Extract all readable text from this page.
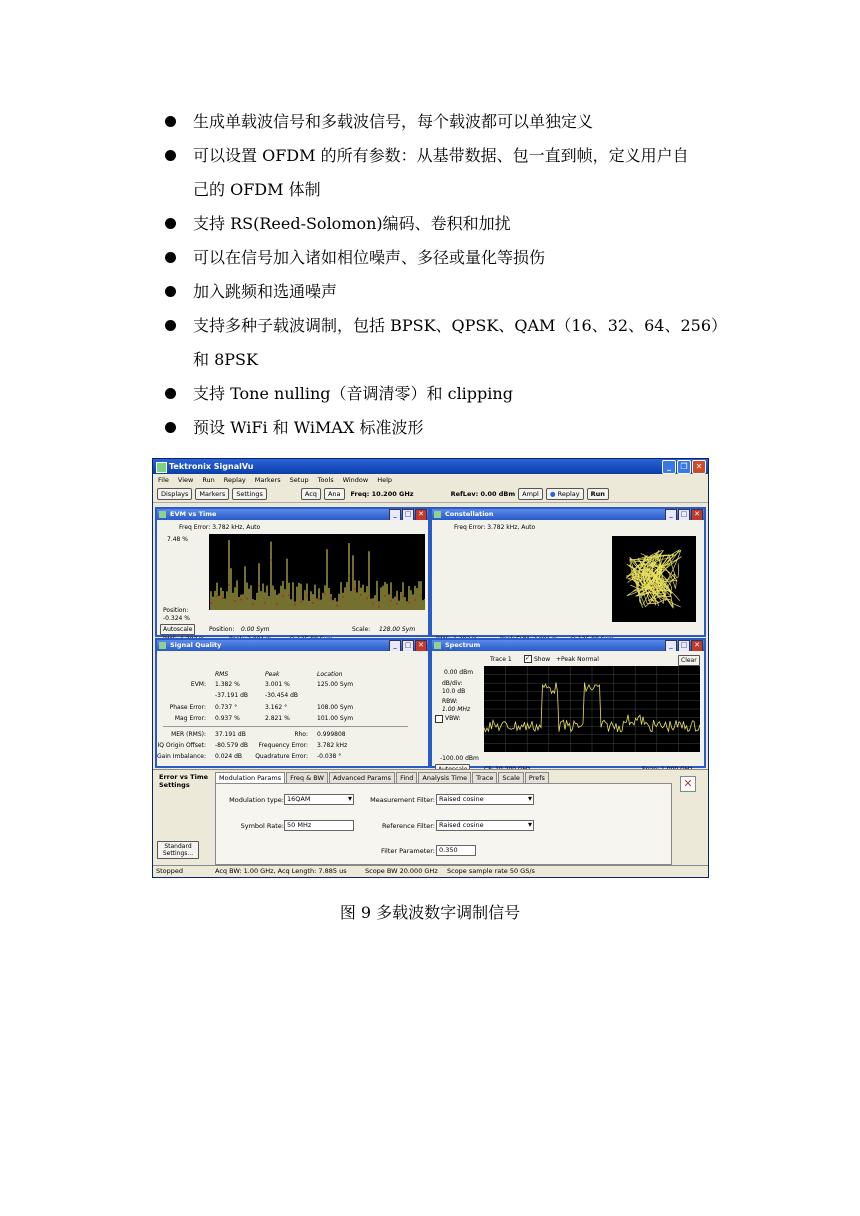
生成单载波信号和多载波信号，每个载波都可以单独定义
可以设置 OFDM 的所有参数：从基带数据、包一直到帧，定义用户自
己的 OFDM 体制
支持 RS(Reed-Solomon)编码、卷积和加扰
可以在信号加入诸如相位噪声、多径或量化等损伤
加入跳频和选通噪声
支持多种子载波调制，包括 BPSK、QPSK、QAM（16、32、64、256）
和 8PSK
支持 Tone nulling（音调清零）和 clipping
预设 WiFi 和 WiMAX 标准波形
Tektronix SignalVu	_	❐	✕
File View Run Replay Markers Setup Tools Window Help
Displays	Markers	Settings	Acq	Ana	Freq: 10.200 GHz	RefLev: 0.00 dBm	Ampl	● Replay	Run
EVM vs Time	_	□ ✕
Freq Error: 3.782 kHz, Auto
7.48 %
Position:
-0.324 %
Autoscale	Position: 0.00 Sym	Scale: 128.00 Sym
Constellation	_	□ ✕
Freq Error: 3.782 kHz, Auto
Signal Quality	_	□ ✕
RMS	Peak	Location
EVM: 1.382 %	3.001 %	125.00 Sym
-37.191 dB	-30.454 dB
Phase Error: 0.737 °	3.162 °	108.00 Sym
Mag Error: 0.937 %	2.821 %	101.00 Sym
MER (RMS): 37.191 dB	Rho: 0.999808
IQ Origin Offset: -80.579 dB Frequency Error: 3.782 kHz
Gain Imbalance: 0.024 dB Quadrature Error: -0.038 °
Spectrum	_	□ ✕
Trace 1 ✓ Show +Peak Normal	Clear
0.00 dBm
dB/div:
10.0 dB
RBW:
1.00 MHz
VBW:
-100.00 dBm
Error vs Time Settings
Modulation Params	Freq & BW	Advanced Params	Find	Analysis Time	Trace	Scale	Prefs
Modulation type: 16QAM ▾
Symbol Rate: 50 MHz
Measurement Filter: Raised cosine ▾
Reference Filter: Raised cosine ▾
Filter Parameter: 0.350
Standard Settings...
✕
Stopped	Acq BW: 1.00 GHz, Acq Length: 7.885 us	Scope BW 20.000 GHz Scope sample rate 50 GS/s
图 9 多载波数字调制信号
